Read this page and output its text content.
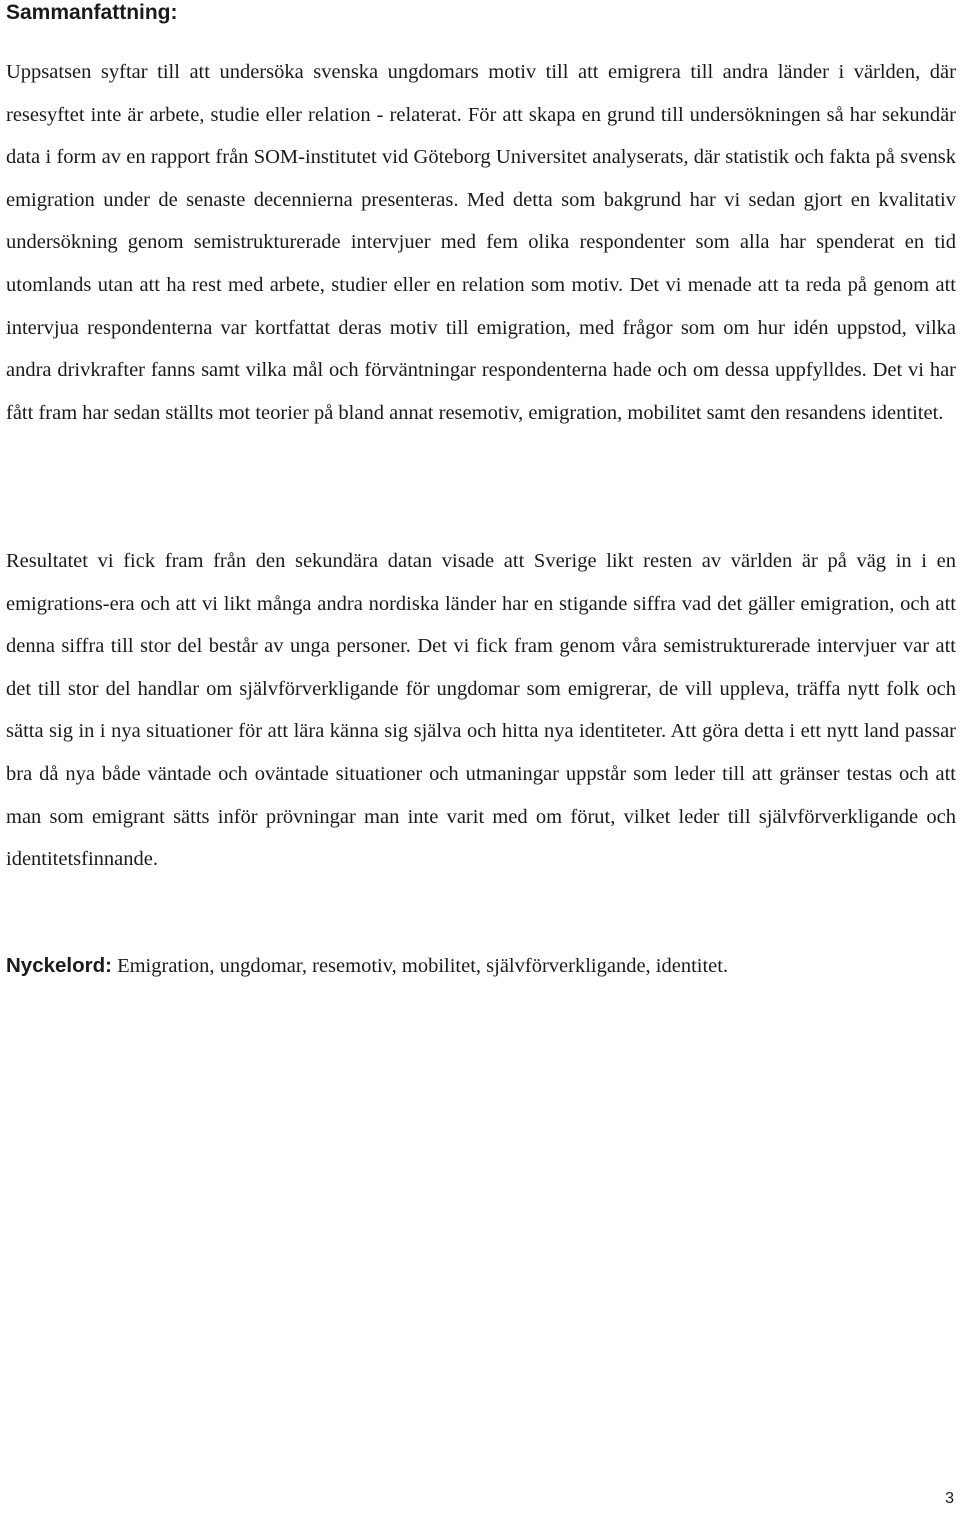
Sammanfattning:

Uppsatsen syftar till att undersöka svenska ungdomars motiv till att emigrera till andra länder i världen, där resesyftet inte är arbete, studie eller relation - relaterat. För att skapa en grund till undersökningen så har sekundär data i form av en rapport från SOM-institutet vid Göteborg Universitet analyserats, där statistik och fakta på svensk emigration under de senaste decennierna presenteras. Med detta som bakgrund har vi sedan gjort en kvalitativ undersökning genom semistrukturerade intervjuer med fem olika respondenter som alla har spenderat en tid utomlands utan att ha rest med arbete, studier eller en relation som motiv. Det vi menade att ta reda på genom att intervjua respondenterna var kortfattat deras motiv till emigration, med frågor som om hur idén uppstod, vilka andra drivkrafter fanns samt vilka mål och förväntningar respondenterna hade och om dessa uppfylldes. Det vi har fått fram har sedan ställts mot teorier på bland annat resemotiv, emigration, mobilitet samt den resandens identitet.

Resultatet vi fick fram från den sekundära datan visade att Sverige likt resten av världen är på väg in i en emigrations-era och att vi likt många andra nordiska länder har en stigande siffra vad det gäller emigration, och att denna siffra till stor del består av unga personer. Det vi fick fram genom våra semistrukturerade intervjuer var att det till stor del handlar om självförverkligande för ungdomar som emigrerar, de vill uppleva, träffa nytt folk och sätta sig in i nya situationer för att lära känna sig själva och hitta nya identiteter. Att göra detta i ett nytt land passar bra då nya både väntade och oväntade situationer och utmaningar uppstår som leder till att gränser testas och att man som emigrant sätts inför prövningar man inte varit med om förut, vilket leder till självförverkligande och identitetsfinnande.

Nyckelord: Emigration, ungdomar, resemotiv, mobilitet, självförverkligande, identitet.

3
